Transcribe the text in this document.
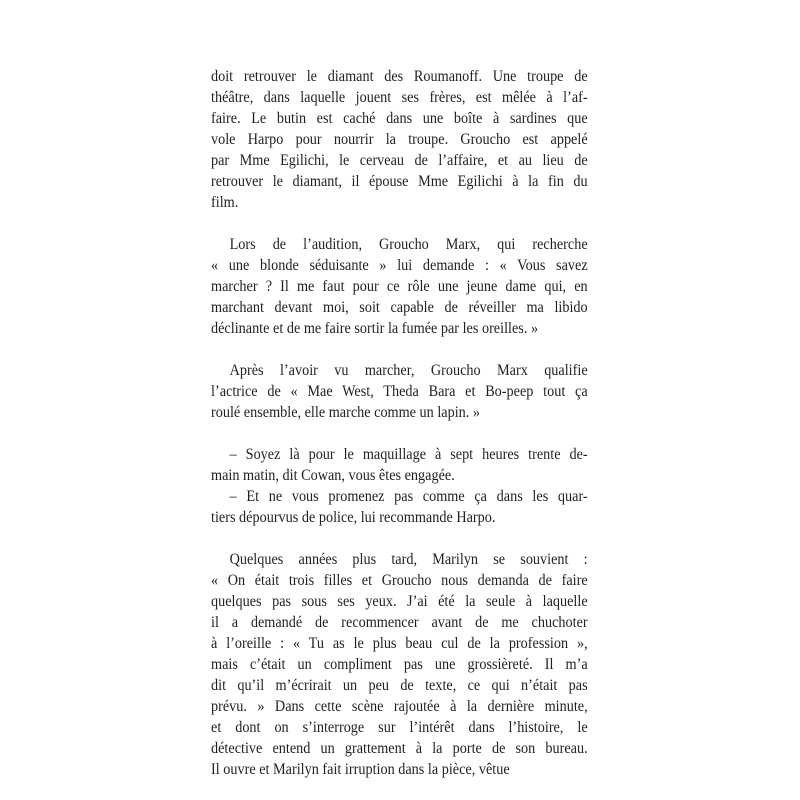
doit retrouver le diamant des Roumanoff. Une troupe de
théâtre, dans laquelle jouent ses frères, est mêlée à l’af-
faire. Le butin est caché dans une boîte à sardines que
vole Harpo pour nourrir la troupe. Groucho est appelé
par Mme Egilichi, le cerveau de l’affaire, et au lieu de
retrouver le diamant, il épouse Mme Egilichi à la fin du
film.
Lors de l’audition, Groucho Marx, qui recherche
« une blonde séduisante » lui demande : « Vous savez
marcher ? Il me faut pour ce rôle une jeune dame qui, en
marchant devant moi, soit capable de réveiller ma libido
déclinante et de me faire sortir la fumée par les oreilles. »
Après l’avoir vu marcher, Groucho Marx qualifie
l’actrice de « Mae West, Theda Bara et Bo-peep tout ça
roulé ensemble, elle marche comme un lapin. »
– Soyez là pour le maquillage à sept heures trente de-
main matin, dit Cowan, vous êtes engagée.
– Et ne vous promenez pas comme ça dans les quar-
tiers dépourvus de police, lui recommande Harpo.
Quelques années plus tard, Marilyn se souvient :
« On était trois filles et Groucho nous demanda de faire
quelques pas sous ses yeux. J’ai été la seule à laquelle
il a demandé de recommencer avant de me chuchoter
à l’oreille : « Tu as le plus beau cul de la profession »,
mais c’était un compliment pas une grossièreté. Il m’a
dit qu’il m’écrirait un peu de texte, ce qui n’était pas
prévu. » Dans cette scène rajoutée à la dernière minute,
et dont on s’interroge sur l’intérêt dans l’histoire, le
détective entend un grattement à la porte de son bureau.
Il ouvre et Marilyn fait irruption dans la pièce, vêtue
